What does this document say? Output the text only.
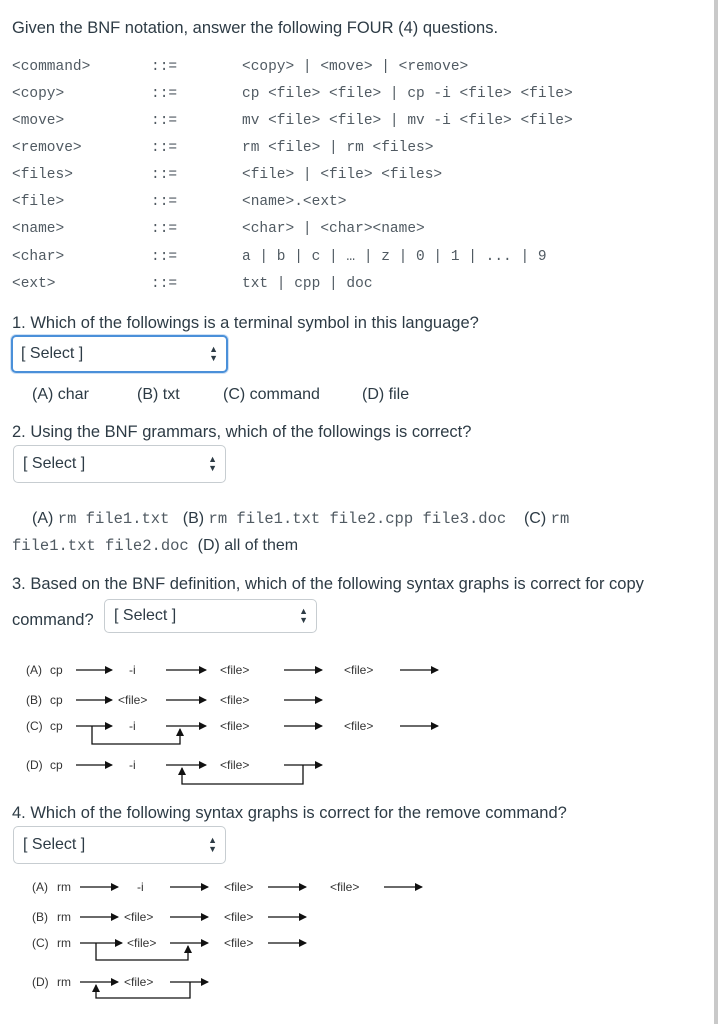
Given the BNF notation, answer the following FOUR (4) questions.
<command>	::=	<copy> | <move> | <remove>
<copy>	::=	cp <file> <file> | cp -i <file> <file>
<move>	::=	mv <file> <file> | mv -i <file> <file>
<remove>	::=	rm <file> | rm <files>
<files>	::=	<file> | <file> <files>
<file>	::=	<name>.<ext>
<name>	::=	<char> | <char><name>
<char>	::=	a | b | c | … | z | 0 | 1 | ... | 9
<ext>	::=	txt | cpp | doc
1. Which of the followings is a terminal symbol in this language?
[ Select ]	▲
▼
(A) char	(B) txt	(C) command	(D) file
2. Using the BNF grammars, which of the followings is correct?
[ Select ]	▲
▼
(A) rm file1.txt (B) rm file1.txt file2.cpp file3.doc (C) rm
file1.txt file2.doc (D) all of them
3. Based on the BNF definition, which of the following syntax graphs is correct for copy
command?	[ Select ]	▲
▼
(A) cp	-i	<file>	<file>
(B) cp	<file>	<file>
(C) cp	-i	<file>	<file>
(D) cp	-i	<file>
4. Which of the following syntax graphs is correct for the remove command?
[ Select ]	▲
▼
(A) rm	-i	<file>	<file>
(B) rm	<file>	<file>
(C) rm	<file>	<file>
(D) rm	<file>
